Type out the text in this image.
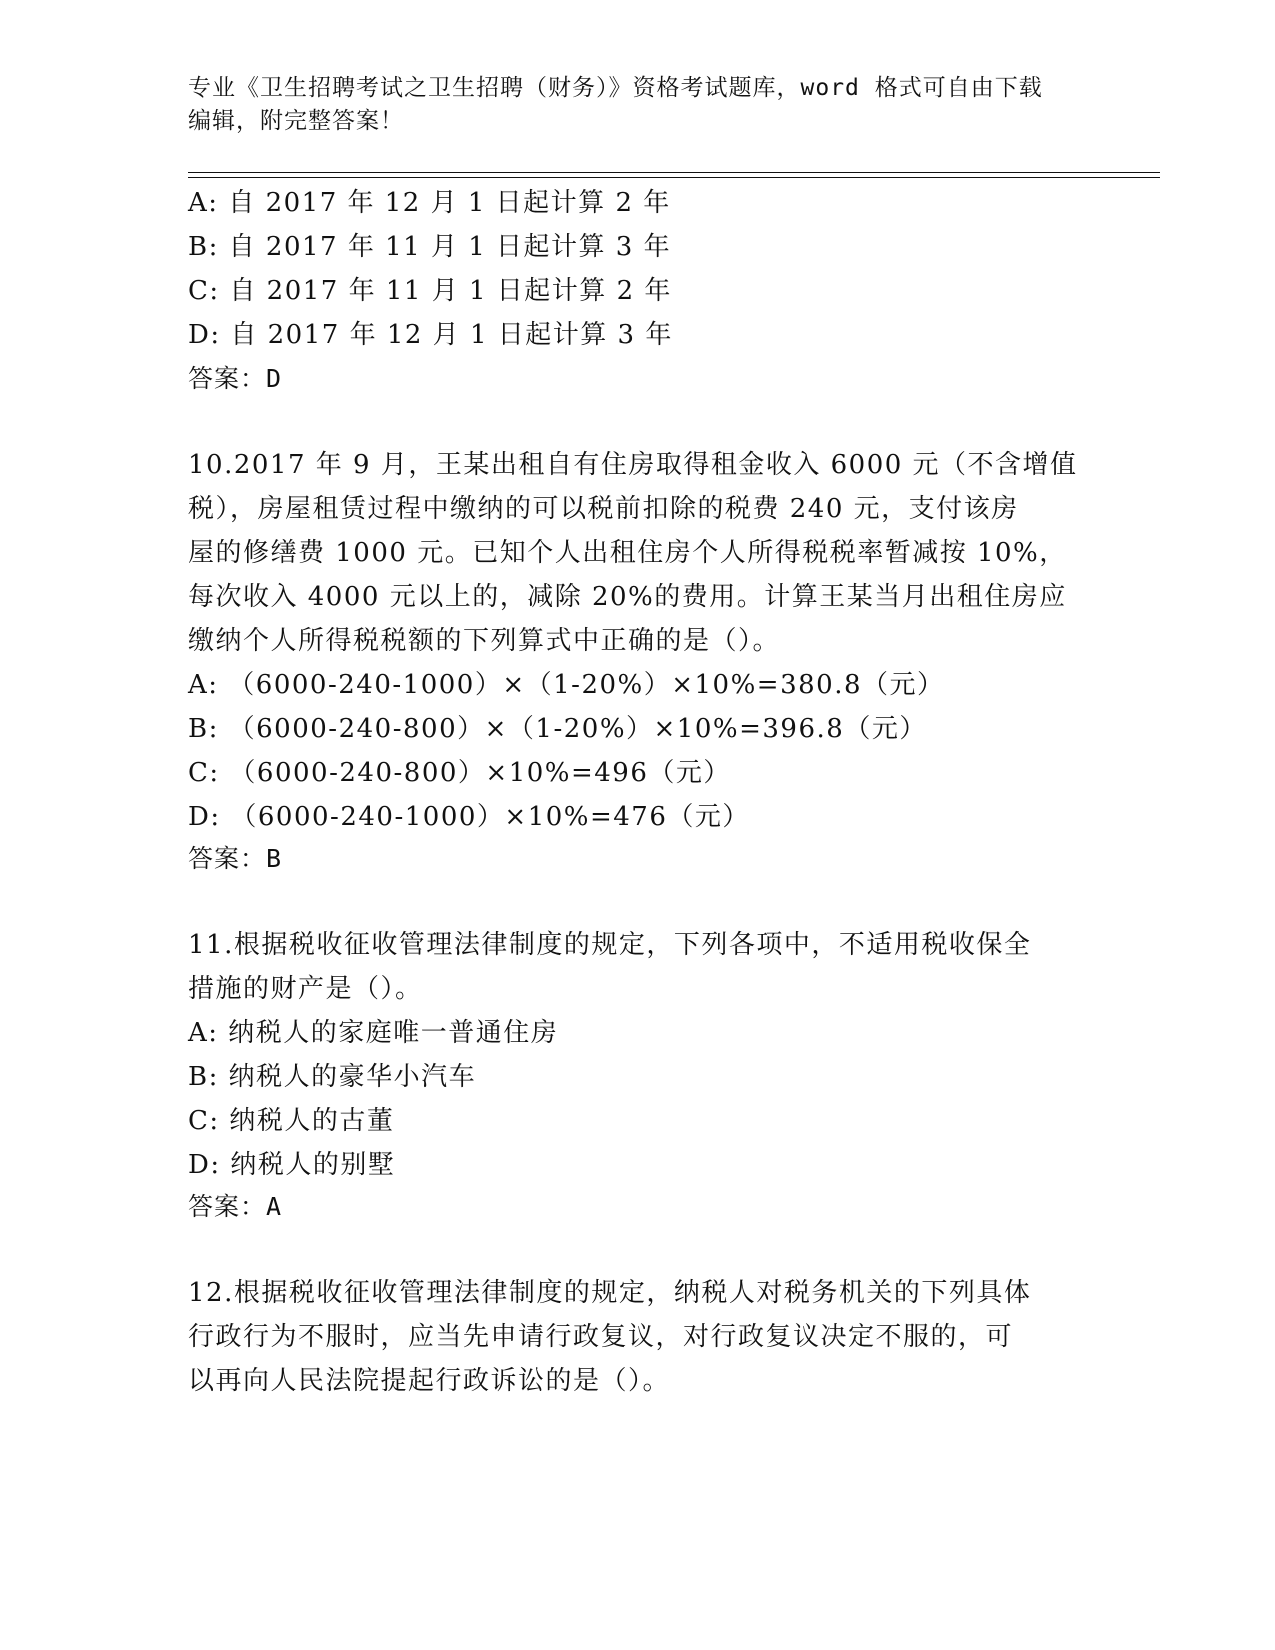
专业《卫生招聘考试之卫生招聘（财务）》资格考试题库，word 格式可自由下载
编辑，附完整答案！
A: 自 2017 年 12 月 1 日起计算 2 年
B: 自 2017 年 11 月 1 日起计算 3 年
C: 自 2017 年 11 月 1 日起计算 2 年
D: 自 2017 年 12 月 1 日起计算 3 年
答案：D
10.2017 年 9 月，王某出租自有住房取得租金收入 6000 元（不含增值
税），房屋租赁过程中缴纳的可以税前扣除的税费 240 元，支付该房
屋的修缮费 1000 元。已知个人出租住房个人所得税税率暂减按 10%，
每次收入 4000 元以上的，减除 20%的费用。计算王某当月出租住房应
缴纳个人所得税税额的下列算式中正确的是（）。
A: （6000-240-1000）×（1-20%）×10%=380.8（元）
B: （6000-240-800）×（1-20%）×10%=396.8（元）
C: （6000-240-800）×10%=496（元）
D: （6000-240-1000）×10%=476（元）
答案：B
11.根据税收征收管理法律制度的规定，下列各项中，不适用税收保全
措施的财产是（）。
A: 纳税人的家庭唯一普通住房
B: 纳税人的豪华小汽车
C: 纳税人的古董
D: 纳税人的别墅
答案：A
12.根据税收征收管理法律制度的规定，纳税人对税务机关的下列具体
行政行为不服时，应当先申请行政复议，对行政复议决定不服的，可
以再向人民法院提起行政诉讼的是（）。
